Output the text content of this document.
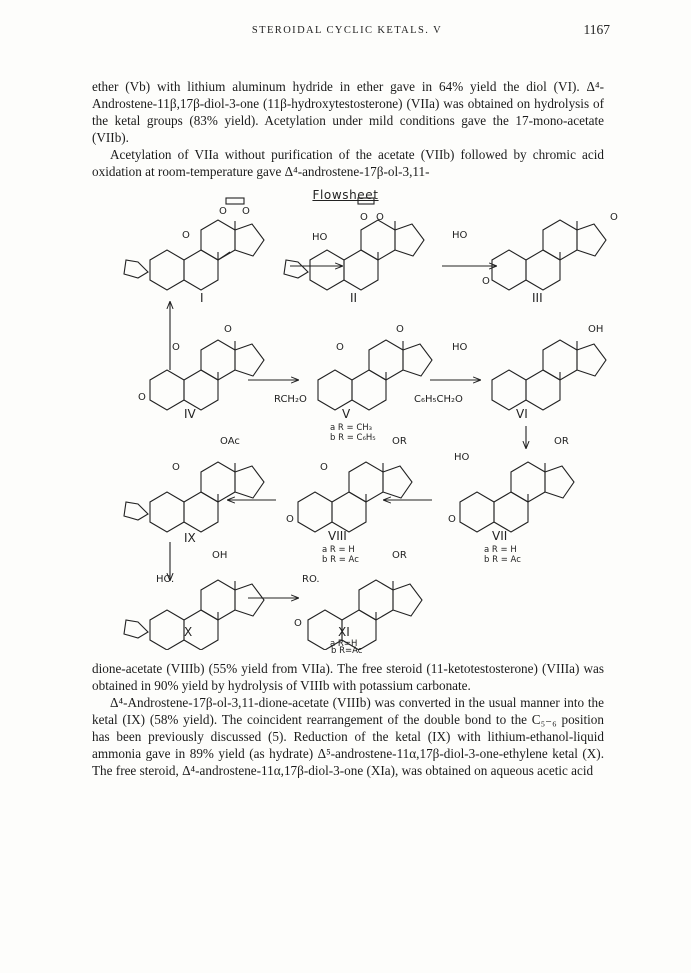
STEROIDAL CYCLIC KETALS. V	1167

ether (Vb) with lithium aluminum hydride in ether gave in 64% yield the diol (VI). Δ⁴-Androstene-11β,17β-diol-3-one (11β-hydroxytestosterone) (VIIa) was obtained on hydrolysis of the ketal groups (83% yield). Acetylation under mild conditions gave the 17-mono-acetate (VIIb).

Acetylation of VIIa without purification of the acetate (VIIb) followed by chromic acid oxidation at room-temperature gave Δ⁴-androstene-17β-ol-3,11-

Flowsheet
O O
O
I
O O
HO
II
O
HO
O
III
O
O
O
IV
O
O
RCH₂O
V
a R = CH₃
b R = C₆H₅
OH
HO
C₆H₅CH₂O
VI
OAc
O
IX
OR
O
O
VIII
a R = H
b R = Ac
OR
HO
O
VII
a R = H
b R = Ac
OH
HO.
X
OR
RO.
O
XI
a R=H

dione-acetate (VIIIb) (55% yield from VIIa). The free steroid (11-ketotestosterone) (VIIIa) was obtained in 90% yield by hydrolysis of VIIIb with potassium carbonate.

Δ⁴-Androstene-17β-ol-3,11-dione-acetate (VIIIb) was converted in the usual manner into the ketal (IX) (58% yield). The coincident rearrangement of the double bond to the C₅₋₆ position has been previously discussed (5). Reduction of the ketal (IX) with lithium-ethanol-liquid ammonia gave in 89% yield (as hydrate) Δ⁵-androstene-11α,17β-diol-3-one-ethylene ketal (X). The free steroid, Δ⁴-androstene-11α,17β-diol-3-one (XIa), was obtained on aqueous acetic acid

b R=Ac
